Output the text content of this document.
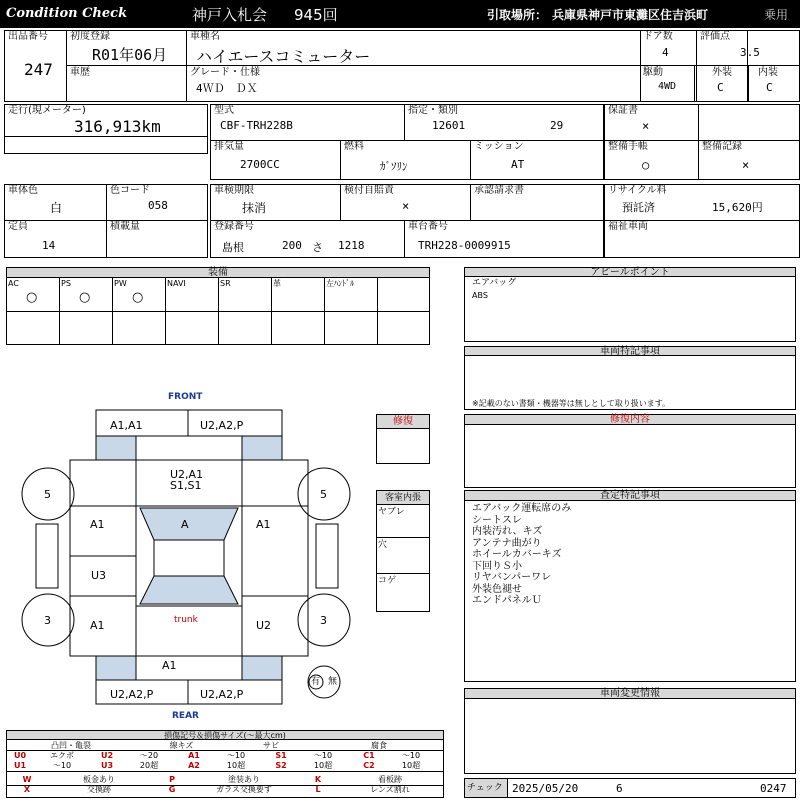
Condition Check	神戸入札会 945回	引取場所： 兵庫県神戸市東灘区住吉浜町	乗用
出品番号
247
初度登録
R01年06月
車種名
ハイエースコミューター
ドア数
4
評価点
3.5
車歴	グレード・仕様
4ＷＤ　ＤＸ
駆動
4WD
外装
C
内装
C
走行(現メーター)
316,913km
型式
CBF-TRH228B
指定・類別
12601	29
排気量
2700CC
燃料
ｶﾞｿﾘﾝ
ミッション
AT
保証書
×
整備手帳
○
整備記録
×
車体色
白
色コード
058
定員
14
積載量
車検期限
抹消
検付自賠責
×
承認請求書
登録番号
島根	200 さ 1218
車台番号
TRH228-0009915
リサイクル料
預託済	15,620円
福祉車両
装備
AC
○
PS
○
PW
○
NAVI	SR	革	左ﾊﾝﾄﾞﾙ
アピールポイント
エアバッグ
ABS
車両特記事項
※記載のない書類・機器等は無しとして取り扱います。
修復内容
査定特記事項
エアバック運転席のみ
シートスレ
内装汚れ、キズ
アンテナ曲がり
ホイールカバーキズ
下回りＳ小
リヤバンパーワレ
外装色褪せ
エンドパネルＵ
車両変更情報
チェック 2025/05/20	6	0247
修復
客室内張
ヤブレ
穴
コゲ
FRONT
REAR
trunk
A1,A1	U2,A2,P
U2,A1
S1,S1
A1	A	A1
U3
A1	U2
A1
U2,A2,P	U2,A2,P
5	5
3	3
有 無
損傷記号＆損傷サイズ(〜最大cm)
凸凹・亀裂	線キズ	サビ	腐食
U0	エクボ	U2	〜20	A1	〜10	S1	〜10	C1	〜10
U1	〜10	U3	20超	A2	10超	S2	10超	C2	10超
W	板金あり	P	塗装あり	K	看板跡
X	交換跡	G	ガラス交換要す	L	レンズ割れ
